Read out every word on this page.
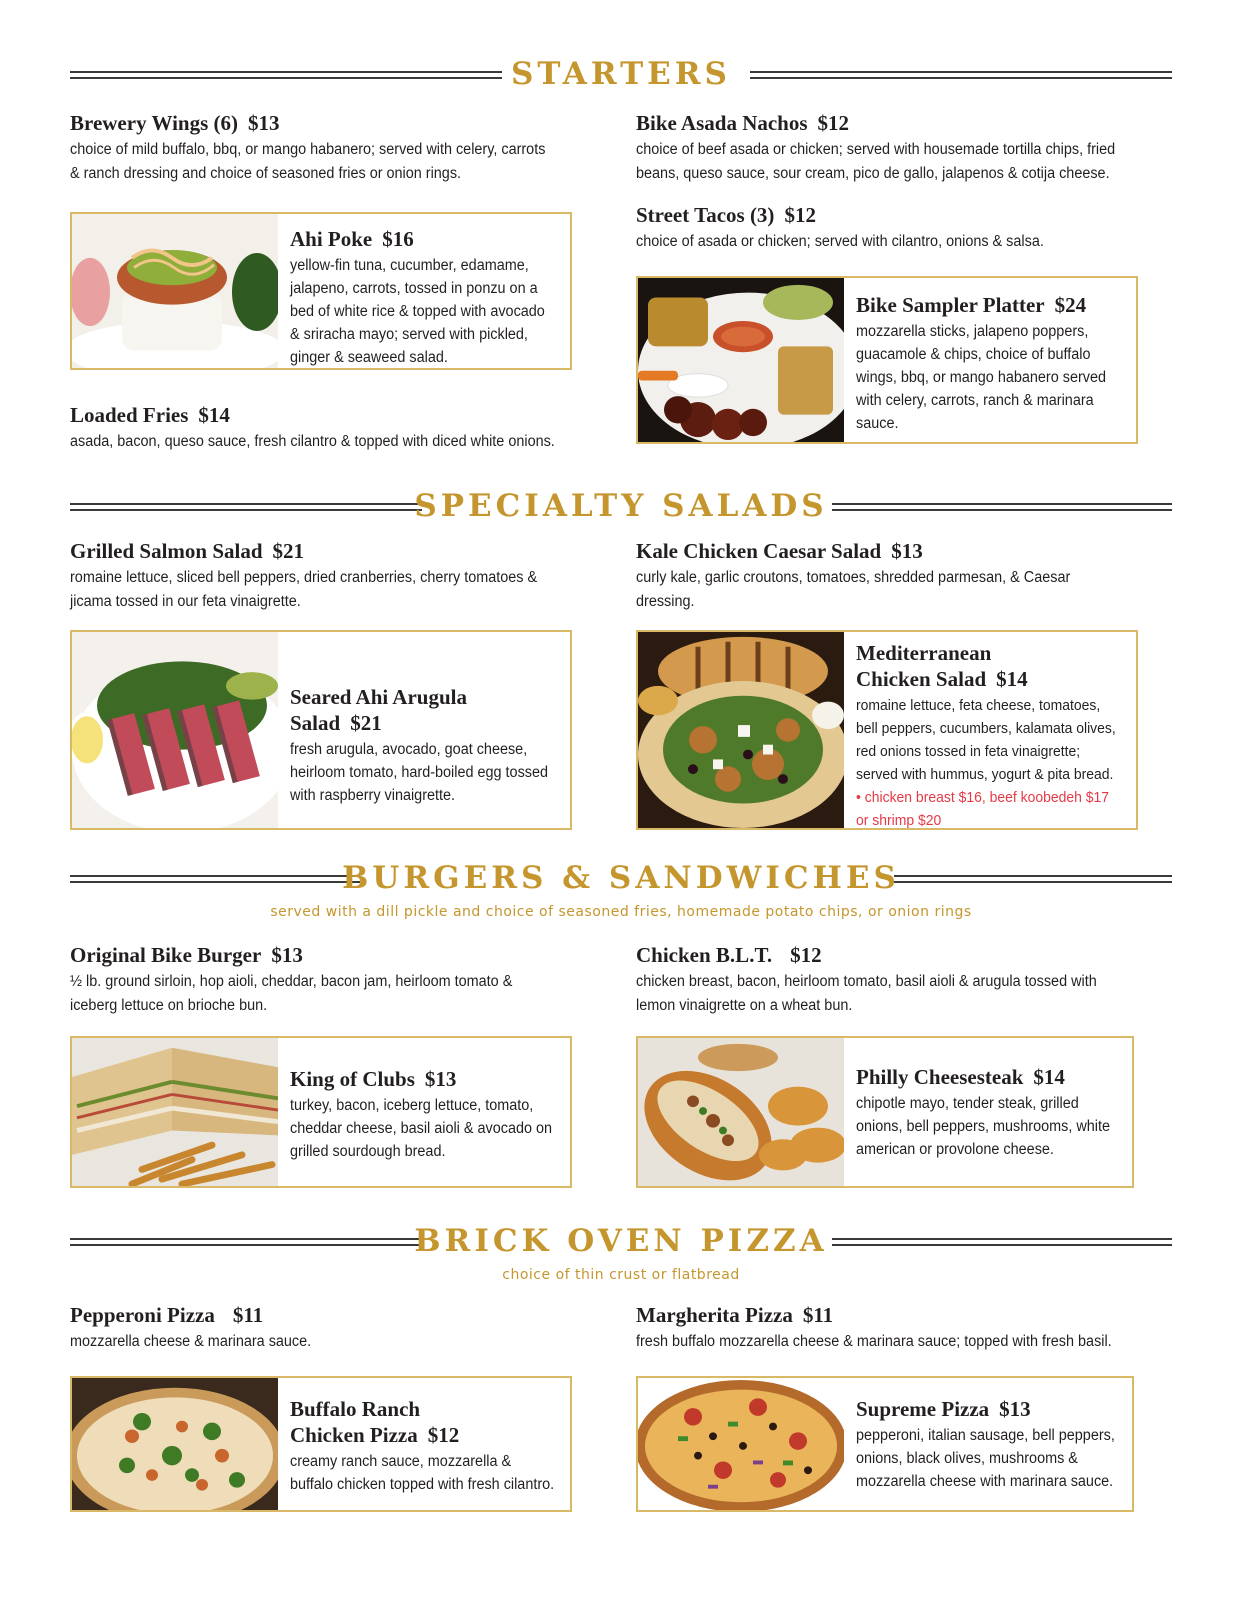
STARTERS
Brewery Wings (6) $13
choice of mild buffalo, bbq, or mango habanero; served with celery, carrots & ranch dressing and choice of seasoned fries or onion rings.
Bike Asada Nachos $12
choice of beef asada or chicken; served with housemade tortilla chips, fried beans, queso sauce, sour cream, pico de gallo, jalapenos & cotija cheese.
Ahi Poke $16
yellow-fin tuna, cucumber, edamame, jalapeno, carrots, tossed in ponzu on a bed of white rice & topped with avocado & sriracha mayo; served with pickled, ginger & seaweed salad.
Street Tacos (3) $12
choice of asada or chicken; served with cilantro, onions & salsa.
Bike Sampler Platter $24
mozzarella sticks, jalapeno poppers, guacamole & chips, choice of buffalo wings, bbq, or mango habanero served with celery, carrots, ranch & marinara sauce.
Loaded Fries $14
asada, bacon, queso sauce, fresh cilantro & topped with diced white onions.
SPECIALTY SALADS
Grilled Salmon Salad $21
romaine lettuce, sliced bell peppers, dried cranberries, cherry tomatoes & jicama tossed in our feta vinaigrette.
Kale Chicken Caesar Salad $13
curly kale, garlic croutons, tomatoes, shredded parmesan, & Caesar dressing.
Seared Ahi Arugula Salad $21
fresh arugula, avocado, goat cheese, heirloom tomato, hard-boiled egg tossed with raspberry vinaigrette.
Mediterranean
Chicken Salad $14
romaine lettuce, feta cheese, tomatoes, bell peppers, cucumbers, kalamata olives, red onions tossed in feta vinaigrette; served with hummus, yogurt & pita bread.
• chicken breast $16, beef koobedeh $17 or shrimp $20
BURGERS & SANDWICHES
served with a dill pickle and choice of seasoned fries, homemade potato chips, or onion rings
Original Bike Burger $13
½ lb. ground sirloin, hop aioli, cheddar, bacon jam, heirloom tomato & iceberg lettuce on brioche bun.
Chicken B.L.T. $12
chicken breast, bacon, heirloom tomato, basil aioli & arugula tossed with lemon vinaigrette on a wheat bun.
King of Clubs $13
turkey, bacon, iceberg lettuce, tomato, cheddar cheese, basil aioli & avocado on grilled sourdough bread.
Philly Cheesesteak $14
chipotle mayo, tender steak, grilled onions, bell peppers, mushrooms, white american or provolone cheese.
BRICK OVEN PIZZA
choice of thin crust or flatbread
Pepperoni Pizza $11
mozzarella cheese & marinara sauce.
Margherita Pizza $11
fresh buffalo mozzarella cheese & marinara sauce; topped with fresh basil.
Buffalo Ranch
Chicken Pizza $12
creamy ranch sauce, mozzarella & buffalo chicken topped with fresh cilantro.
Supreme Pizza $13
pepperoni, italian sausage, bell peppers, onions, black olives, mushrooms & mozzarella cheese with marinara sauce.
